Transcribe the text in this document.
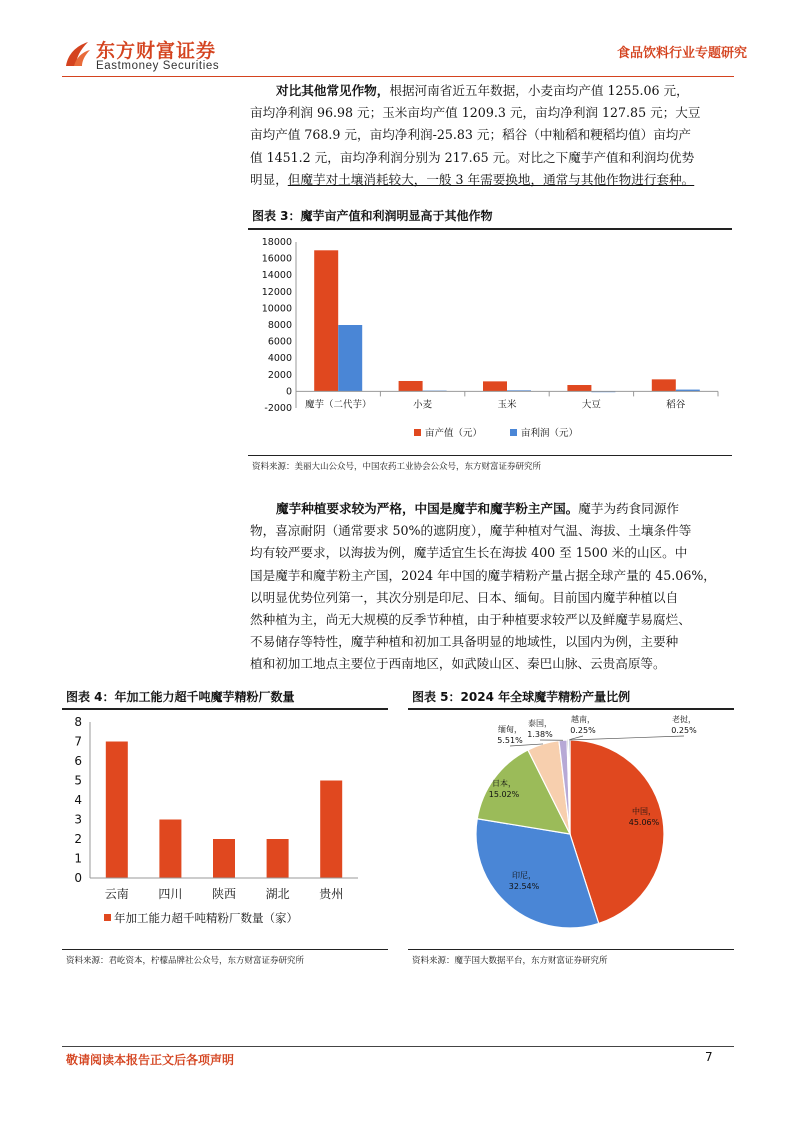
东方财富证券
Eastmoney Securities
食品饮料行业专题研究
对比其他常见作物，根据河南省近五年数据，小麦亩均产值 1255.06 元，
亩均净利润 96.98 元；玉米亩均产值 1209.3 元，亩均净利润 127.85 元；大豆
亩均产值 768.9 元，亩均净利润-25.83 元；稻谷（中籼稻和粳稻均值）亩均产
值 1451.2 元，亩均净利润分别为 217.65 元。对比之下魔芋产值和利润均优势
明显，但魔芋对土壤消耗较大，一般 3 年需要换地，通常与其他作物进行套种。
图表 3：魔芋亩产值和利润明显高于其他作物
-2000
0
2000
4000
6000
8000
10000
12000
14000
16000
18000
魔芋（二代芋）	小麦	玉米	大豆	稻谷
亩产值（元）	亩利润（元）
资料来源：美丽大山公众号，中国农药工业协会公众号，东方财富证券研究所
魔芋种植要求较为严格，中国是魔芋和魔芋粉主产国。魔芋为药食同源作
物，喜凉耐阴（通常要求 50%的遮阴度），魔芋种植对气温、海拔、土壤条件等
均有较严要求，以海拔为例，魔芋适宜生长在海拔 400 至 1500 米的山区。中
国是魔芋和魔芋粉主产国，2024 年中国的魔芋精粉产量占据全球产量的 45.06%，
以明显优势位列第一，其次分别是印尼、日本、缅甸。目前国内魔芋种植以自
然种植为主，尚无大规模的反季节种植，由于种植要求较严以及鲜魔芋易腐烂、
不易储存等特性，魔芋种植和初加工具备明显的地域性，以国内为例，主要种
植和初加工地点主要位于西南地区，如武陵山区、秦巴山脉、云贵高原等。
图表 4：年加工能力超千吨魔芋精粉厂数量
0
1
2
3
4
5
6
7
8
云南 四川 陕西 湖北 贵州
年加工能力超千吨精粉厂数量（家）
资料来源：君屹资本，柠檬品牌社公众号，东方财富证券研究所
图表 5：2024 年全球魔芋精粉产量比例
中国，
45.06%
印尼，
32.54%
日本，
15.02%
缅甸，
5.51%
泰国，
1.38%
越南，
0.25%
老挝，
0.25%
资料来源：魔芋国大数据平台，东方财富证券研究所
敬请阅读本报告正文后各项声明	7
